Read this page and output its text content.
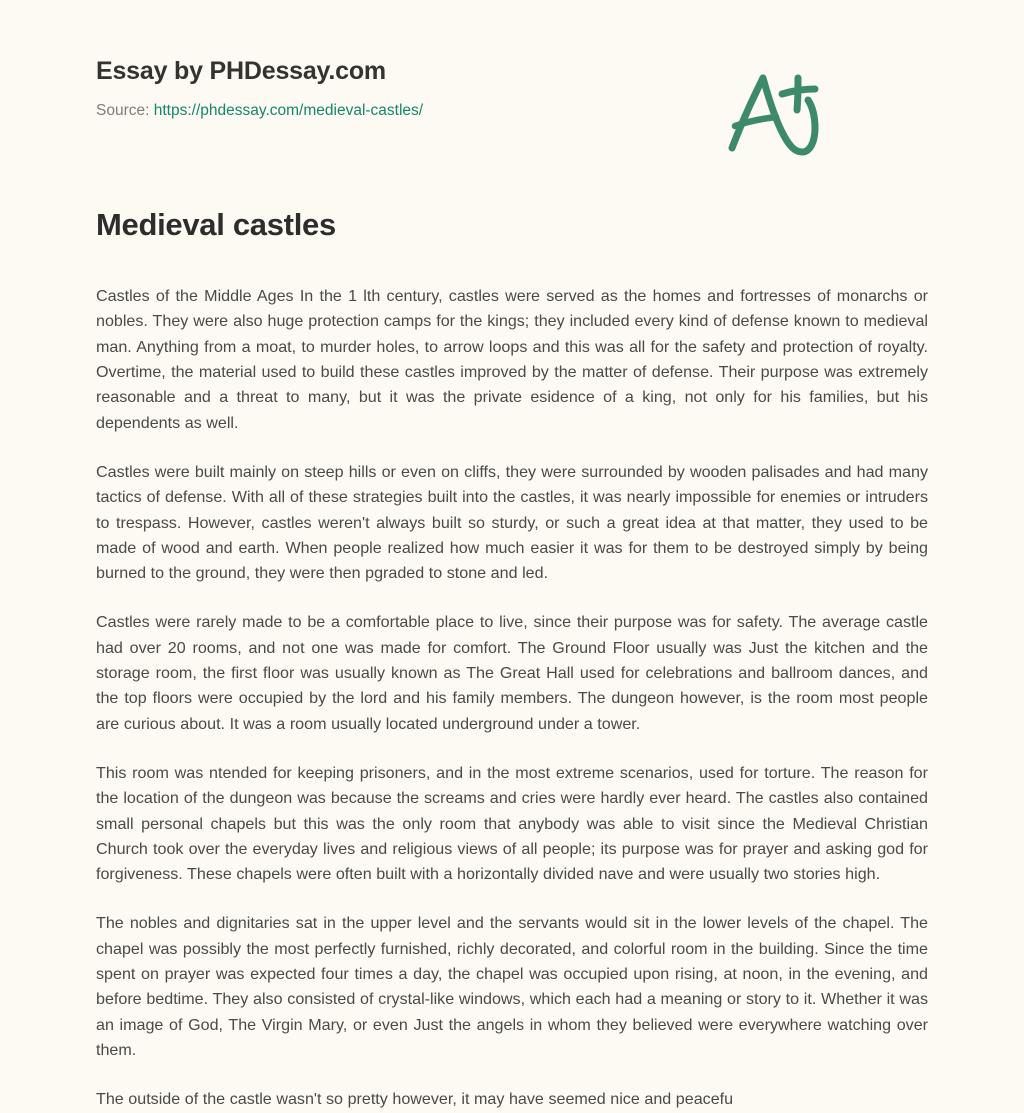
Essay by PHDessay.com
Source: https://phdessay.com/medieval-castles/
Medieval castles

Castles of the Middle Ages In the 1 lth century, castles were served as the homes and fortresses of monarchs or nobles. They were also huge protection camps for the kings; they included every kind of defense known to medieval man. Anything from a moat, to murder holes, to arrow loops and this was all for the safety and protection of royalty. Overtime, the material used to build these castles improved by the matter of defense. Their purpose was extremely reasonable and a threat to many, but it was the private esidence of a king, not only for his families, but his dependents as well.

Castles were built mainly on steep hills or even on cliffs, they were surrounded by wooden palisades and had many tactics of defense. With all of these strategies built into the castles, it was nearly impossible for enemies or intruders to trespass. However, castles weren't always built so sturdy, or such a great idea at that matter, they used to be made of wood and earth. When people realized how much easier it was for them to be destroyed simply by being burned to the ground, they were then pgraded to stone and led.

Castles were rarely made to be a comfortable place to live, since their purpose was for safety. The average castle had over 20 rooms, and not one was made for comfort. The Ground Floor usually was Just the kitchen and the storage room, the first floor was usually known as The Great Hall used for celebrations and ballroom dances, and the top floors were occupied by the lord and his family members. The dungeon however, is the room most people are curious about. It was a room usually located underground under a tower.

This room was ntended for keeping prisoners, and in the most extreme scenarios, used for torture. The reason for the location of the dungeon was because the screams and cries were hardly ever heard. The castles also contained small personal chapels but this was the only room that anybody was able to visit since the Medieval Christian Church took over the everyday lives and religious views of all people; its purpose was for prayer and asking god for forgiveness. These chapels were often built with a horizontally divided nave and were usually two stories high.

The nobles and dignitaries sat in the upper level and the servants would sit in the lower levels of the chapel. The chapel was possibly the most perfectly furnished, richly decorated, and colorful room in the building. Since the time spent on prayer was expected four times a day, the chapel was occupied upon rising, at noon, in the evening, and before bedtime. They also consisted of crystal-like windows, which each had a meaning or story to it. Whether it was an image of God, The Virgin Mary, or even Just the angels in whom they believed were everywhere watching over them.

The outside of the castle wasn't so pretty however, it may have seemed nice and peacefu
